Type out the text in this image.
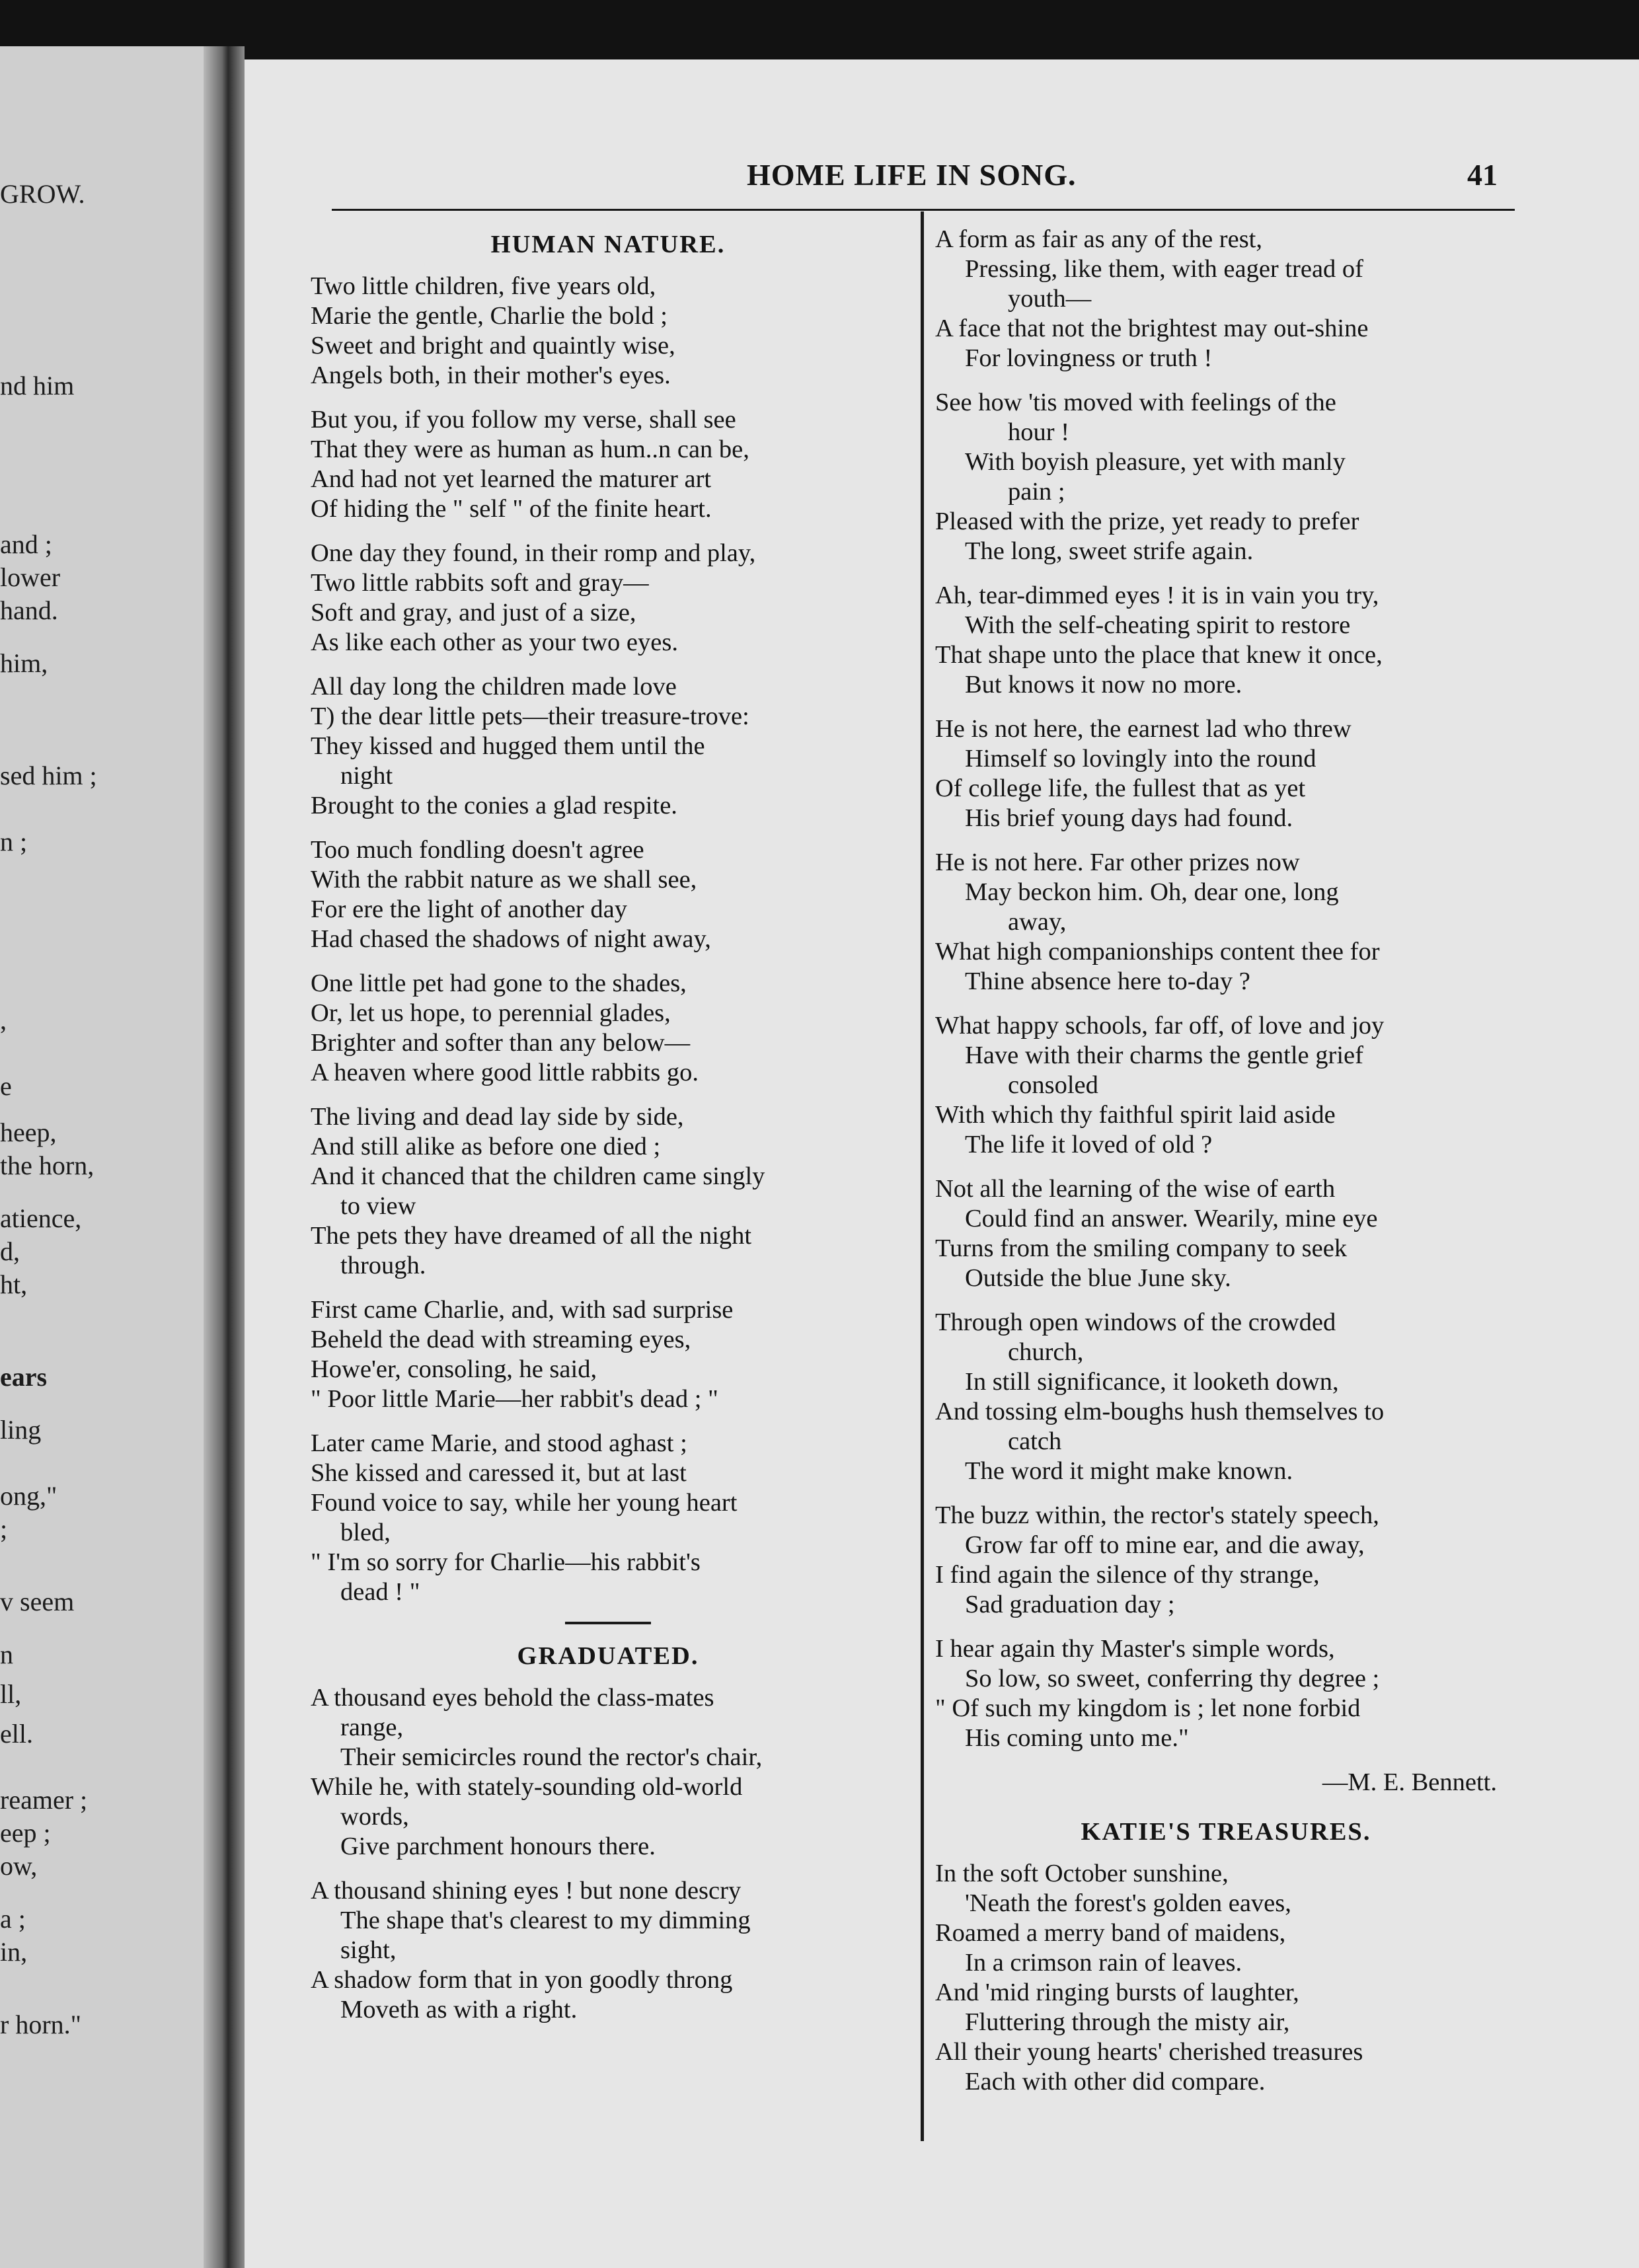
GROW.
nd him
and ;
lower
hand.
him,
sed him ;
n ;
,
e
heep,
the horn,
atience,
d,
ht,
ears
ling
ong,"
;
v seem
n
ll,
ell.
reamer ;
eep ;
ow,
a ;
in,
r horn."
HOME LIFE IN SONG.	41
HUMAN NATURE.
Two little children, five years old,
Marie the gentle, Charlie the bold ;
Sweet and bright and quaintly wise,
Angels both, in their mother's eyes.
But you, if you follow my verse, shall see
That they were as human as hum..n can be,
And had not yet learned the maturer art
Of hiding the " self " of the finite heart.
One day they found, in their romp and play,
Two little rabbits soft and gray—
Soft and gray, and just of a size,
As like each other as your two eyes.
All day long the children made love
T) the dear little pets—their treasure-trove:
They kissed and hugged them until the
night
Brought to the conies a glad respite.
Too much fondling doesn't agree
With the rabbit nature as we shall see,
For ere the light of another day
Had chased the shadows of night away,
One little pet had gone to the shades,
Or, let us hope, to perennial glades,
Brighter and softer than any below—
A heaven where good little rabbits go.
The living and dead lay side by side,
And still alike as before one died ;
And it chanced that the children came singly
to view
The pets they have dreamed of all the night
through.
First came Charlie, and, with sad surprise
Beheld the dead with streaming eyes,
Howe'er, consoling, he said,
" Poor little Marie—her rabbit's dead ; "
Later came Marie, and stood aghast ;
She kissed and caressed it, but at last
Found voice to say, while her young heart
bled,
" I'm so sorry for Charlie—his rabbit's
dead ! "
GRADUATED.
A thousand eyes behold the class-mates
range,
Their semicircles round the rector's chair,
While he, with stately-sounding old-world
words,
Give parchment honours there.
A thousand shining eyes ! but none descry
The shape that's clearest to my dimming
sight,
A shadow form that in yon goodly throng
Moveth as with a right.
A form as fair as any of the rest,
Pressing, like them, with eager tread of
youth—
A face that not the brightest may out-shine
For lovingness or truth !
See how 'tis moved with feelings of the
hour !
With boyish pleasure, yet with manly
pain ;
Pleased with the prize, yet ready to prefer
The long, sweet strife again.
Ah, tear-dimmed eyes ! it is in vain you try,
With the self-cheating spirit to restore
That shape unto the place that knew it once,
But knows it now no more.
He is not here, the earnest lad who threw
Himself so lovingly into the round
Of college life, the fullest that as yet
His brief young days had found.
He is not here. Far other prizes now
May beckon him. Oh, dear one, long
away,
What high companionships content thee for
Thine absence here to-day ?
What happy schools, far off, of love and joy
Have with their charms the gentle grief
consoled
With which thy faithful spirit laid aside
The life it loved of old ?
Not all the learning of the wise of earth
Could find an answer. Wearily, mine eye
Turns from the smiling company to seek
Outside the blue June sky.
Through open windows of the crowded
church,
In still significance, it looketh down,
And tossing elm-boughs hush themselves to
catch
The word it might make known.
The buzz within, the rector's stately speech,
Grow far off to mine ear, and die away,
I find again the silence of thy strange,
Sad graduation day ;
I hear again thy Master's simple words,
So low, so sweet, conferring thy degree ;
" Of such my kingdom is ; let none forbid
His coming unto me."
—M. E. Bennett.
KATIE'S TREASURES.
In the soft October sunshine,
'Neath the forest's golden eaves,
Roamed a merry band of maidens,
In a crimson rain of leaves.
And 'mid ringing bursts of laughter,
Fluttering through the misty air,
All their young hearts' cherished treasures
Each with other did compare.
